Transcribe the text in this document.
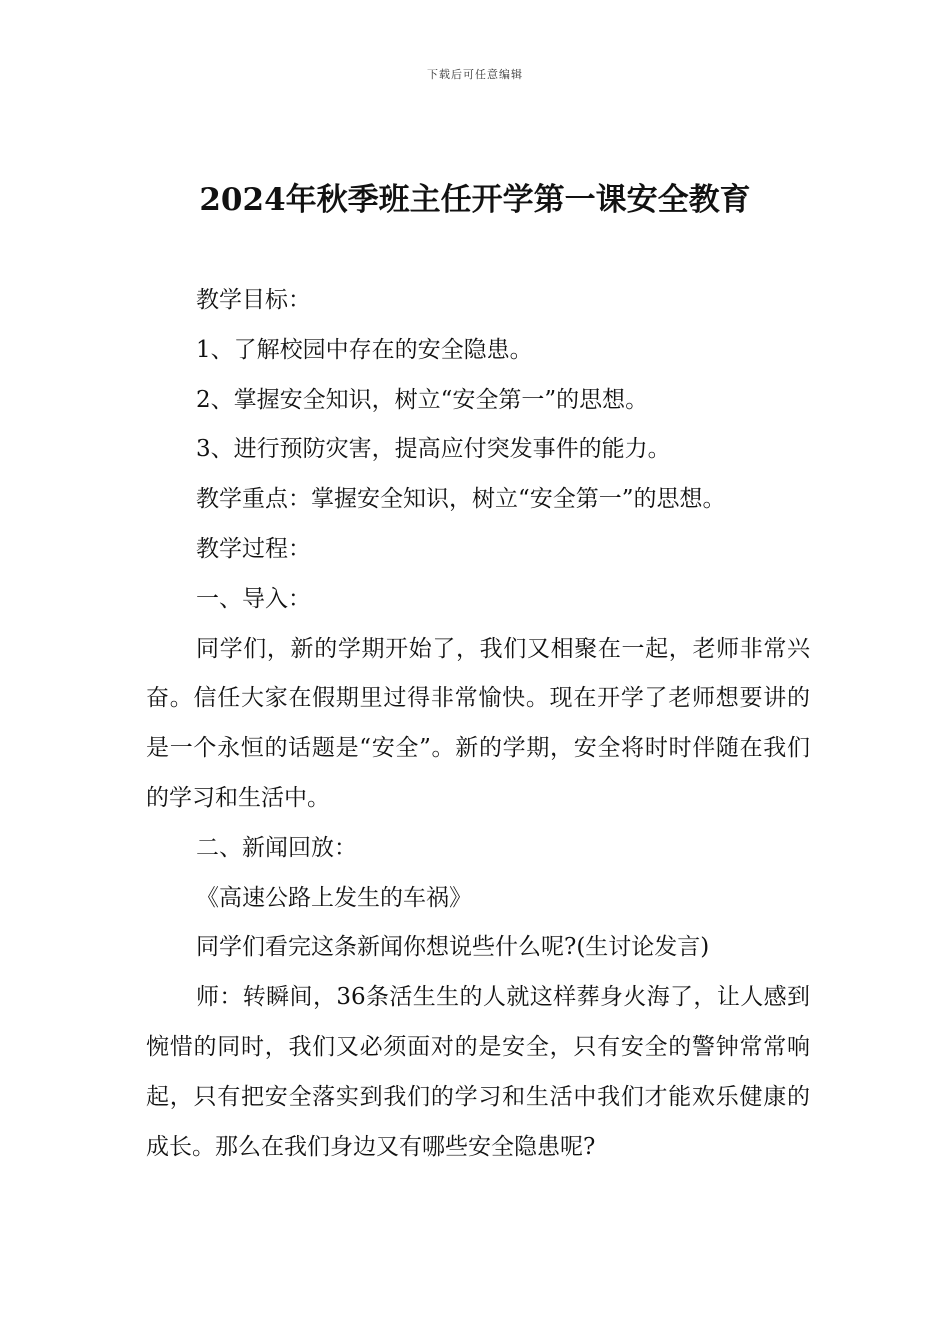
下载后可任意编辑
2024年秋季班主任开学第一课安全教育

教学目标：

1、了解校园中存在的安全隐患。

2、掌握安全知识，树立“安全第一”的思想。

3、进行预防灾害，提高应付突发事件的能力。

教学重点：掌握安全知识，树立“安全第一”的思想。

教学过程：

一、导入：

同学们，新的学期开始了，我们又相聚在一起，老师非常兴奋。信任大家在假期里过得非常愉快。现在开学了老师想要讲的是一个永恒的话题是“安全”。新的学期，安全将时时伴随在我们的学习和生活中。

二、新闻回放：

《高速公路上发生的车祸》

同学们看完这条新闻你想说些什么呢?(生讨论发言)

师：转瞬间，36条活生生的人就这样葬身火海了，让人感到惋惜的同时，我们又必须面对的是安全，只有安全的警钟常常响起，只有把安全落实到我们的学习和生活中我们才能欢乐健康的成长。那么在我们身边又有哪些安全隐患呢?
